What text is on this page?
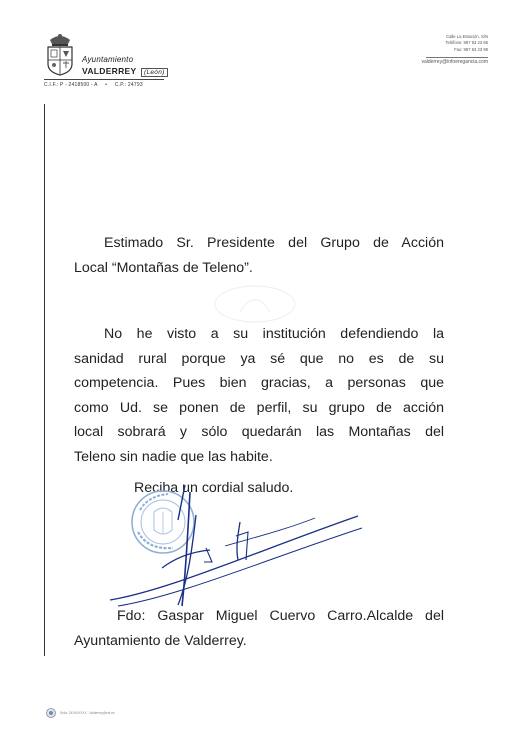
Ayuntamiento
VALDERREY (León)
C.I.F.: P - 2418500 - A • C.P.: 24793
Calle La Estación, S/N
Teléfono: 987 63 23 66
Fax: 987 63 23 98
valderrey@infoeregancia.com
Estimado Sr. Presidente del Grupo de Acción
Local “Montañas de Teleno”.
No he visto a su institución defendiendo la
sanidad rural porque ya sé que no es de su
competencia. Pues bien gracias, a personas que
como Ud. se ponen de perfil, su grupo de acción
local sobrará y sólo quedarán las Montañas del
Teleno sin nadie que las habite.
Reciba un cordial saludo.
Fdo: Gaspar Miguel Cuervo Carro.Alcalde del
Ayuntamiento de Valderrey.
Sello: 2419XXXXX - Valderrey@ext.es
